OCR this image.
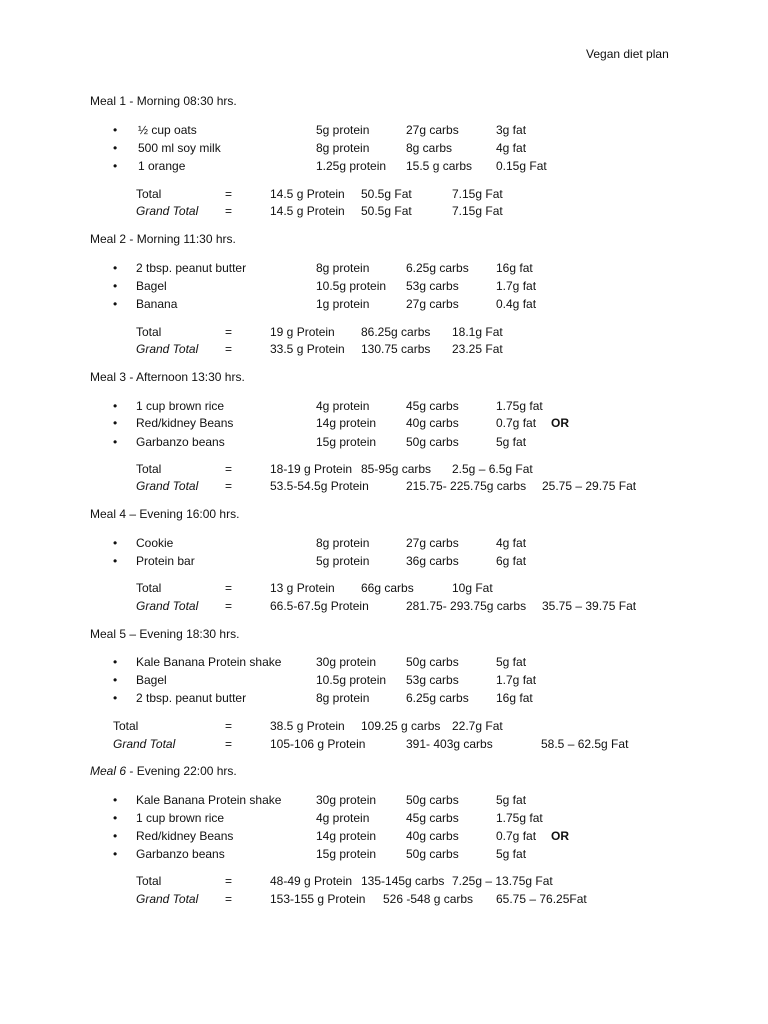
Vegan diet plan
Meal 1 - Morning 08:30 hrs.
• ½ cup oats	5g protein	27g carbs	3g fat
• 500 ml soy milk	8g protein	8g carbs	4g fat
• 1 orange	1.25g protein 15.5 g carbs 0.15g Fat
Total	=	14.5 g Protein 50.5g Fat	7.15g Fat
Grand Total =	14.5 g Protein 50.5g Fat	7.15g Fat
Meal 2 - Morning 11:30 hrs.
• 2 tbsp. peanut butter	8g protein	6.25g carbs 16g fat
• Bagel	10.5g protein 53g carbs	1.7g fat
• Banana	1g protein	27g carbs	0.4g fat
Total	=	19 g Protein 86.25g carbs 18.1g Fat
Grand Total =	33.5 g Protein 130.75 carbs 23.25 Fat
Meal 3 - Afternoon 13:30 hrs.
• 1 cup brown rice	4g protein	45g carbs	1.75g fat
• Red/kidney Beans	14g protein 40g carbs	0.7g fat OR
• Garbanzo beans	15g protein 50g carbs	5g fat
Total	=	18-19 g Protein 85-95g carbs 2.5g – 6.5g Fat
Grand Total =	53.5-54.5g Protein	215.75- 225.75g carbs 25.75 – 29.75 Fat
Meal 4 – Evening 16:00 hrs.
• Cookie	8g protein	27g carbs	4g fat
• Protein bar	5g protein	36g carbs	6g fat
Total	=	13 g Protein 66g carbs	10g Fat
Grand Total =	66.5-67.5g Protein	281.75- 293.75g carbs 35.75 – 39.75 Fat
Meal 5 – Evening 18:30 hrs.
• Kale Banana Protein shake	30g protein 50g carbs	5g fat
• Bagel	10.5g protein 53g carbs	1.7g fat
• 2 tbsp. peanut butter	8g protein	6.25g carbs 16g fat
Total	=	38.5 g Protein 109.25 g carbs 22.7g Fat
Grand Total	=	105-106 g Protein	391- 403g carbs	58.5 – 62.5g Fat
Meal 6 - Evening 22:00 hrs.
• Kale Banana Protein shake	30g protein 50g carbs	5g fat
• 1 cup brown rice	4g protein	45g carbs	1.75g fat
• Red/kidney Beans	14g protein 40g carbs	0.7g fat OR
• Garbanzo beans	15g protein 50g carbs	5g fat
Total	=	48-49 g Protein 135-145g carbs 7.25g – 13.75g Fat
Grand Total =	153-155 g Protein 526 -548 g carbs 65.75 – 76.25Fat
